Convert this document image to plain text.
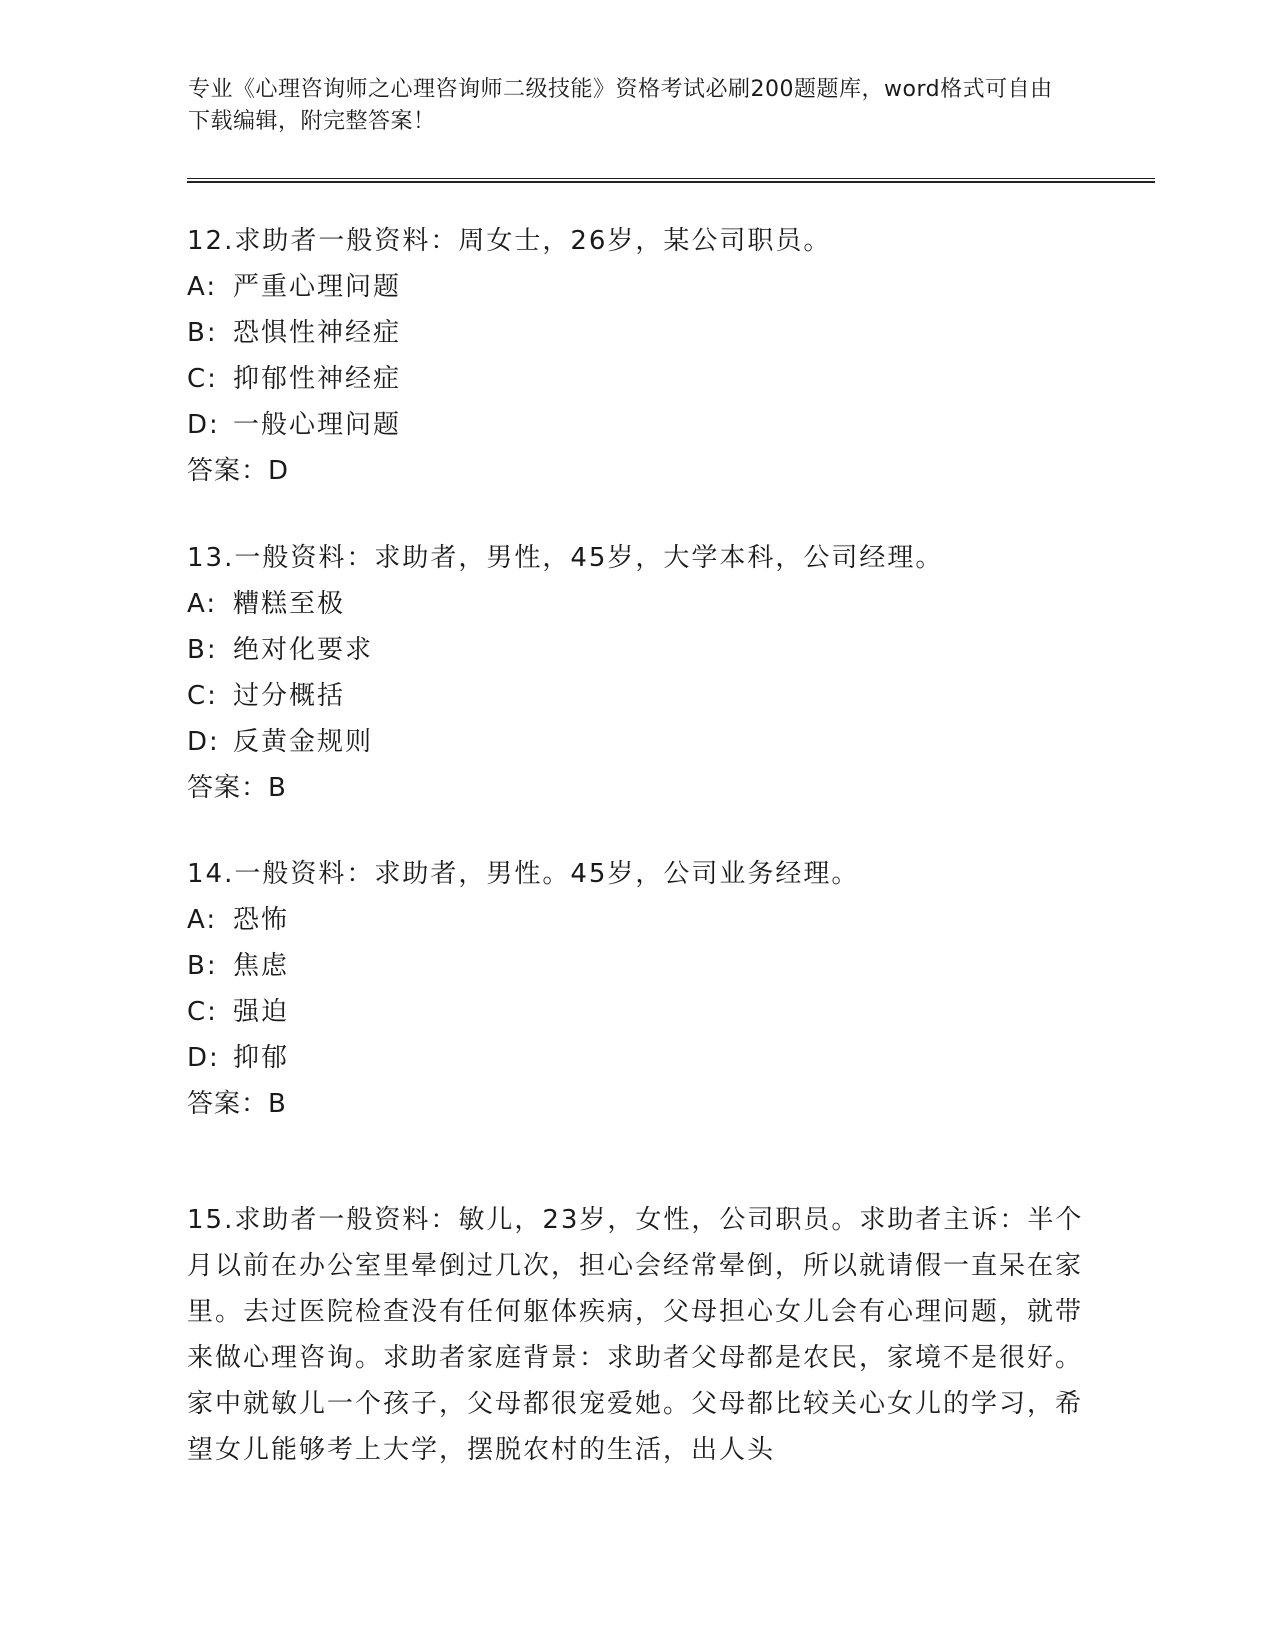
专业《心理咨询师之心理咨询师二级技能》资格考试必刷200题题库，word格式可自由下载编辑，附完整答案！
12.求助者一般资料：周女士，26岁，某公司职员。
A: 严重心理问题
B: 恐惧性神经症
C: 抑郁性神经症
D: 一般心理问题
答案：D
13.一般资料：求助者，男性，45岁，大学本科，公司经理。
A: 糟糕至极
B: 绝对化要求
C: 过分概括
D: 反黄金规则
答案：B
14.一般资料：求助者，男性。45岁，公司业务经理。
A: 恐怖
B: 焦虑
C: 强迫
D: 抑郁
答案：B
15.求助者一般资料：敏儿，23岁，女性，公司职员。求助者主诉：半个月以前在办公室里晕倒过几次，担心会经常晕倒，所以就请假一直呆在家里。去过医院检查没有任何躯体疾病，父母担心女儿会有心理问题，就带来做心理咨询。求助者家庭背景：求助者父母都是农民，家境不是很好。家中就敏儿一个孩子，父母都很宠爱她。父母都比较关心女儿的学习，希望女儿能够考上大学，摆脱农村的生活，出人头
